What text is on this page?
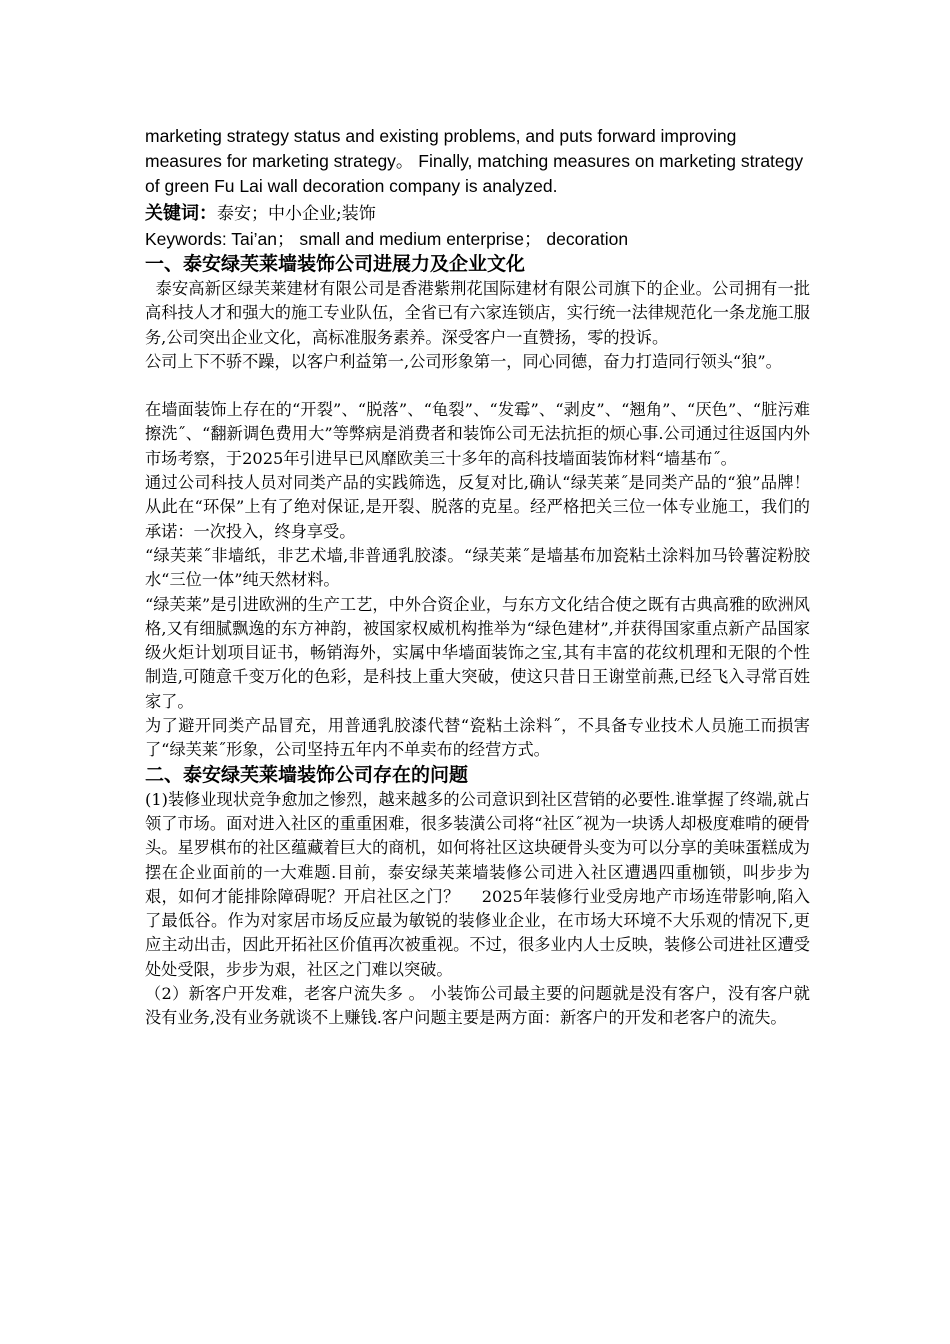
marketing strategy status and existing problems, and puts forward improving measures for marketing strategy。 Finally, matching measures on marketing strategy of green Fu Lai wall decoration company is analyzed.

关键词：泰安；中小企业;装饰

Keywords: Tai’an； small and medium enterprise； decoration

一、泰安绿芙莱墙装饰公司进展力及企业文化

泰安高新区绿芙莱建材有限公司是香港紫荆花国际建材有限公司旗下的企业。公司拥有一批高科技人才和强大的施工专业队伍，全省已有六家连锁店，实行统一法律规范化一条龙施工服务,公司突出企业文化，高标准服务素养。深受客户一直赞扬，零的投诉。

公司上下不骄不躁，以客户利益第一,公司形象第一，同心同德，奋力打造同行领头“狼”。

在墙面装饰上存在的“开裂”、“脱落”、“龟裂”、“发霉”、“剥皮”、“翘角”、“厌色”、“脏污难擦洗˝、“翻新调色费用大”等弊病是消费者和装饰公司无法抗拒的烦心事.公司通过往返国内外市场考察，于2025年引进早已风靡欧美三十多年的高科技墙面装饰材料“墙基布˝。

通过公司科技人员对同类产品的实践筛选，反复对比,确认“绿芙莱˝是同类产品的“狼”品牌！从此在“环保”上有了绝对保证,是开裂、脱落的克星。经严格把关三位一体专业施工，我们的承诺：一次投入，终身享受。

“绿芙莱˝非墙纸，非艺术墙,非普通乳胶漆。“绿芙莱˝是墙基布加瓷粘土涂料加马铃薯淀粉胶水“三位一体”纯天然材料。

“绿芙莱”是引进欧洲的生产工艺，中外合资企业，与东方文化结合使之既有古典高雅的欧洲风格,又有细腻飘逸的东方神韵，被国家权威机构推举为“绿色建材”,并获得国家重点新产品国家级火炬计划项目证书，畅销海外，实属中华墙面装饰之宝,其有丰富的花纹机理和无限的个性制造,可随意千变万化的色彩，是科技上重大突破，使这只昔日王谢堂前燕,已经飞入寻常百姓家了。

为了避开同类产品冒充，用普通乳胶漆代替“瓷粘土涂料˝，不具备专业技术人员施工而损害了“绿芙莱˝形象，公司坚持五年内不单卖布的经营方式。

二、泰安绿芙莱墙装饰公司存在的问题

(1)装修业现状竞争愈加之惨烈，越来越多的公司意识到社区营销的必要性.谁掌握了终端,就占领了市场。面对进入社区的重重困难，很多装潢公司将“社区˝视为一块诱人却极度难啃的硬骨头。星罗棋布的社区蕴藏着巨大的商机，如何将社区这块硬骨头变为可以分享的美味蛋糕成为摆在企业面前的一大难题.目前，泰安绿芙莱墙装修公司进入社区遭遇四重枷锁，叫步步为艰，如何才能排除障碍呢？开启社区之门？    2025年装修行业受房地产市场连带影响,陷入了最低谷。作为对家居市场反应最为敏锐的装修业企业，在市场大环境不大乐观的情况下,更应主动出击，因此开拓社区价值再次被重视。不过，很多业内人士反映，装修公司进社区遭受处处受限，步步为艰，社区之门难以突破。

（2）新客户开发难，老客户流失多 。 小装饰公司最主要的问题就是没有客户，没有客户就没有业务,没有业务就谈不上赚钱.客户问题主要是两方面：新客户的开发和老客户的流失。
